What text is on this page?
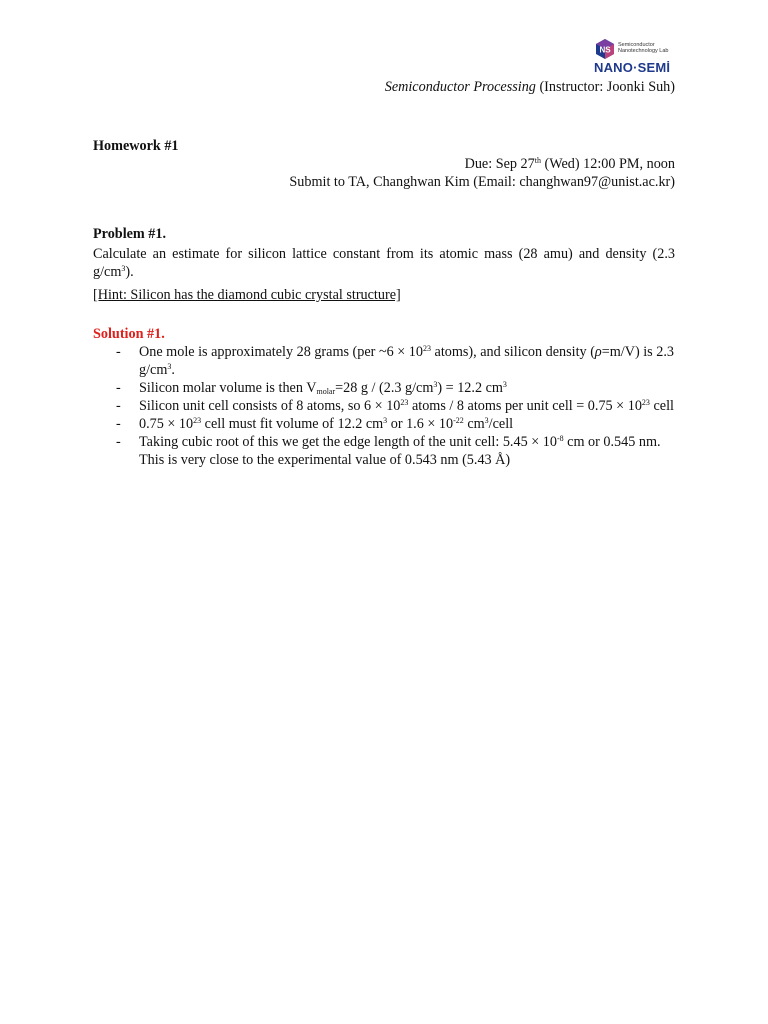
NS
Semiconductor
Nanotechnology Lab
NANO·SEMİ
Semiconductor Processing (Instructor: Joonki Suh)
Homework #1
Due: Sep 27th (Wed) 12:00 PM, noon
Submit to TA, Changhwan Kim (Email: changhwan97@unist.ac.kr)
Problem #1.
Calculate an estimate for silicon lattice constant from its atomic mass (28 amu) and density (2.3 $g/cm^3$).
[Hint: Silicon has the diamond cubic crystal structure]
Solution #1.
- One mole is approximately 28 grams (per ~6 × $10^{23}$ atoms), and silicon density (ρ=m/V) is 2.3 $g/cm^3$.
- Silicon molar volume is then $V_{molar}=28$ g / (2.3 $g/cm^3) = 12.2$ $cm^3$
- Silicon unit cell consists of 8 atoms, so $6 \times 10^{23}$ atoms / 8 atoms per unit cell = $0.75 \times 10^{23}$ cell
- $0.75 \times 10^{23}$ cell must fit volume of 12.2 $cm^3$ or $1.6 \times 10^{-22}$ $cm^3$/cell
- Taking cubic root of this we get the edge length of the unit cell: $5.45 \times 10^{-8}$ cm or 0.545 nm. This is very close to the experimental value of 0.543 nm (5.43 Å)
